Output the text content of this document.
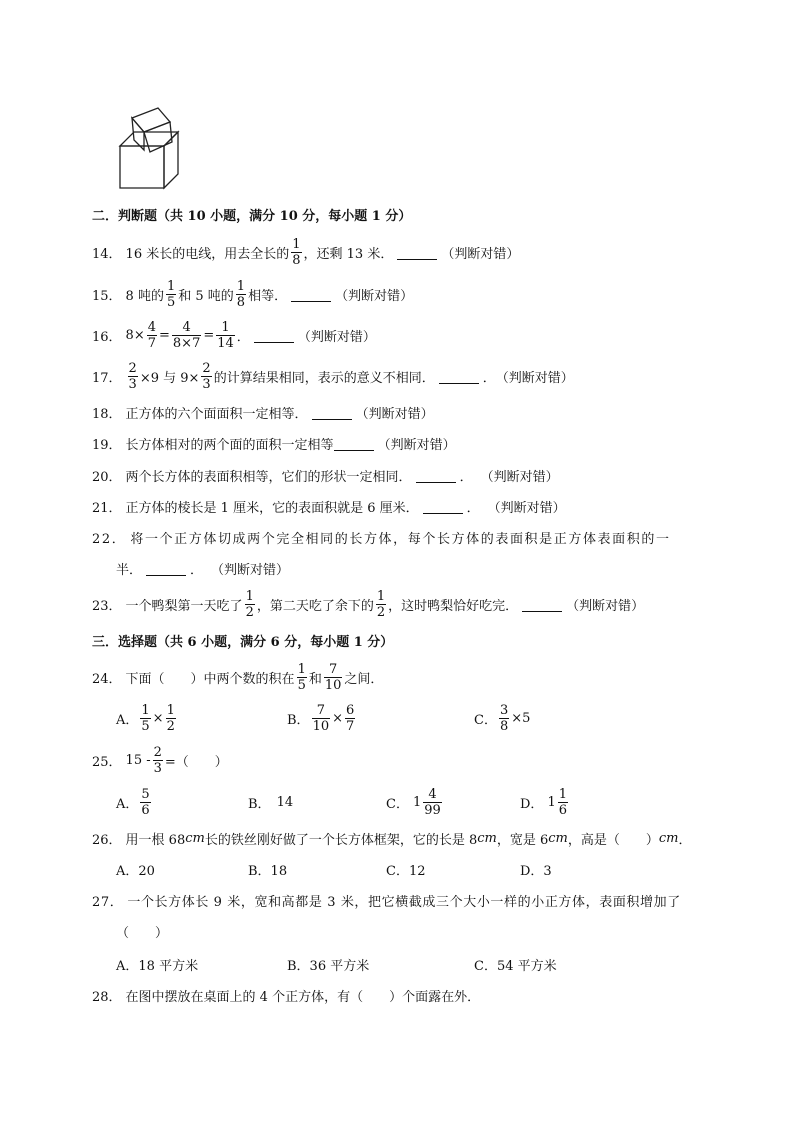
二．判断题（共 10 小题，满分 10 分，每小题 1 分）
14． 16 米长的电线，用去全长的 $\frac{1}{8}$ ，还剩 13 米．	（判断对错）
15． 8 吨的 $\frac{1}{5}$ 和 5 吨的 $\frac{1}{8}$ 相等．	（判断对错）
16． $8\times \frac{4}{7} = \frac{4}{8\times 7} = \frac{1}{14}$ ．	（判断对错）
17． $\frac{2}{3} \times 9$ 与 $9\times \frac{2}{3}$ 的计算结果相同，表示的意义不相同．	． （判断对错）
18． 正方体的六个面面积一定相等．	（判断对错）
19． 长方体相对的两个面的面积一定相等	（判断对错）
20． 两个长方体的表面积相等，它们的形状一定相同．	． （判断对错）
21． 正方体的棱长是 1 厘米，它的表面积就是 6 厘米．	． （判断对错）
22． 将一个正方体切成两个完全相同的长方体，每个长方体的表面积是正方体表面积的一
半．	． （判断对错）
23． 一个鸭梨第一天吃了 $\frac{1}{2}$ ，第二天吃了余下的 $\frac{1}{2}$ ，这时鸭梨恰好吃完．	（判断对错）
三．选择题（共 6 小题，满分 6 分，每小题 1 分）
24． 下面（　　）中两个数的积在 $\frac{1}{5}$ 和 $\frac{7}{10}$ 之间．
A． $\frac{1}{5} \times \frac{1}{2}$	B． $\frac{7}{10} \times \frac{6}{7}$	C． $\frac{3}{8} \times 5$
25． $15 - \frac{2}{3}$ =（　　）
A． $\frac{5}{6}$	B． 14	C． $1 \frac{4}{99}$	D． $1 \frac{1}{6}$
26． 用一根 68 cm 长的铁丝刚好做了一个长方体框架，它的长是 8 cm ，宽是 6 cm ，高是（　　） cm ．
A．20	B．18	C．12	D．3
27． 一个长方体长 9 米，宽和高都是 3 米，把它横截成三个大小一样的小正方体，表面积增加了
（　　）
A．18 平方米	B．36 平方米	C．54 平方米
28． 在图中摆放在桌面上的 4 个正方体，有（　　）个面露在外．
